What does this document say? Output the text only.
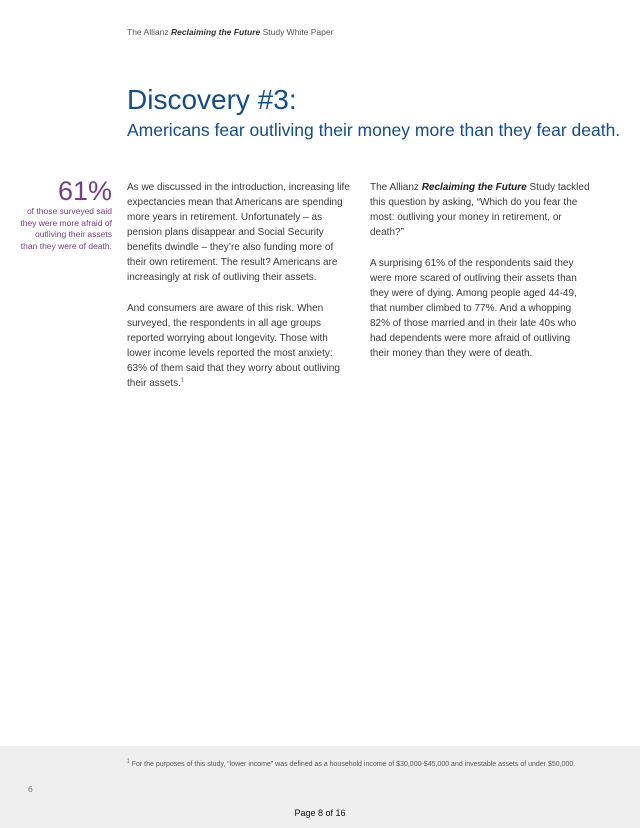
The Allianz Reclaiming the Future Study White Paper
Discovery #3:
Americans fear outliving their money more than they fear death.
61%
of those surveyed said they were more afraid of outliving their assets than they were of death.

As we discussed in the introduction, increasing life expectancies mean that Americans are spending more years in retirement. Unfortunately – as pension plans disappear and Social Security benefits dwindle – they’re also funding more of their own retirement. The result? Americans are increasingly at risk of outliving their assets.

And consumers are aware of this risk. When surveyed, the respondents in all age groups reported worrying about longevity. Those with lower income levels reported the most anxiety: 63% of them said that they worry about outliving their assets.$^1$

The Allianz Reclaiming the Future Study tackled this question by asking, “Which do you fear the most: outliving your money in retirement, or death?”

A surprising 61% of the respondents said they were more scared of outliving their assets than they were of dying. Among people aged 44-49, that number climbed to 77%. And a whopping 82% of those married and in their late 40s who had dependents were more afraid of outliving their money than they were of death.

$^1$ For the purposes of this study, “lower income” was defined as a household income of $30,000-$45,000 and investable assets of under $50,000.
6
Page 8 of 16
